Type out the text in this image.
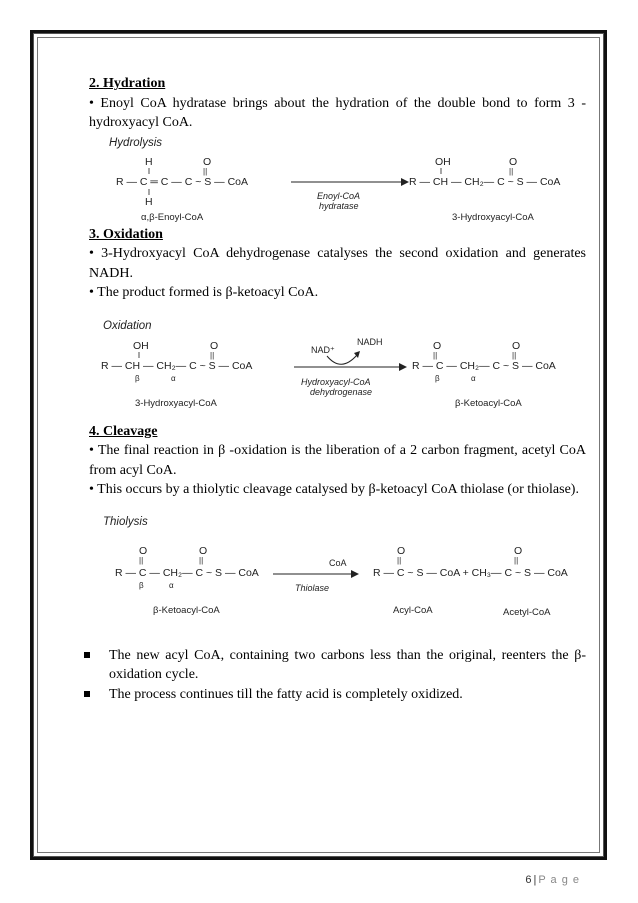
2. Hydration

• Enoyl CoA hydratase brings about the hydration of the double bond to form 3 -hydroxyacyl CoA.

Hydrolysis
H	O
||
R — C ═ C — C ~ S — CoA
H
α,β-Enoyl-CoA
Enoyl-CoA
hydratase
OH	O
||
R — CH — CH₂— C ~ S — CoA
3-Hydroxyacyl-CoA

3. Oxidation

• 3-Hydroxyacyl CoA dehydrogenase catalyses the second oxidation and generates NADH.

• The product formed is β-ketoacyl CoA.

Oxidation
OH	O
||
R — CH — CH₂— C ~ S — CoA
β	α
3-Hydroxyacyl-CoA
NAD⁺
NADH
Hydroxyacyl-CoA
dehydrogenase
O
||
O
||
R — C — CH₂— C ~ S — CoA
β	α
β-Ketoacyl-CoA

4. Cleavage

• The final reaction in β -oxidation is the liberation of a 2 carbon fragment, acetyl CoA from acyl CoA.

• This occurs by a thiolytic cleavage catalysed by β-ketoacyl CoA thiolase (or thiolase).

Thiolysis
O
||
O
||
R — C — CH₂— C ~ S — CoA
β	α
β-Ketoacyl-CoA
CoA
Thiolase
O
||
O
||
R — C ~ S — CoA + CH₃— C ~ S — CoA
Acyl-CoA	Acetyl-CoA
The new acyl CoA, containing two carbons less than the original, reenters the β-oxidation cycle.
The process continues till the fatty acid is completely oxidized.
6 | P a g e
